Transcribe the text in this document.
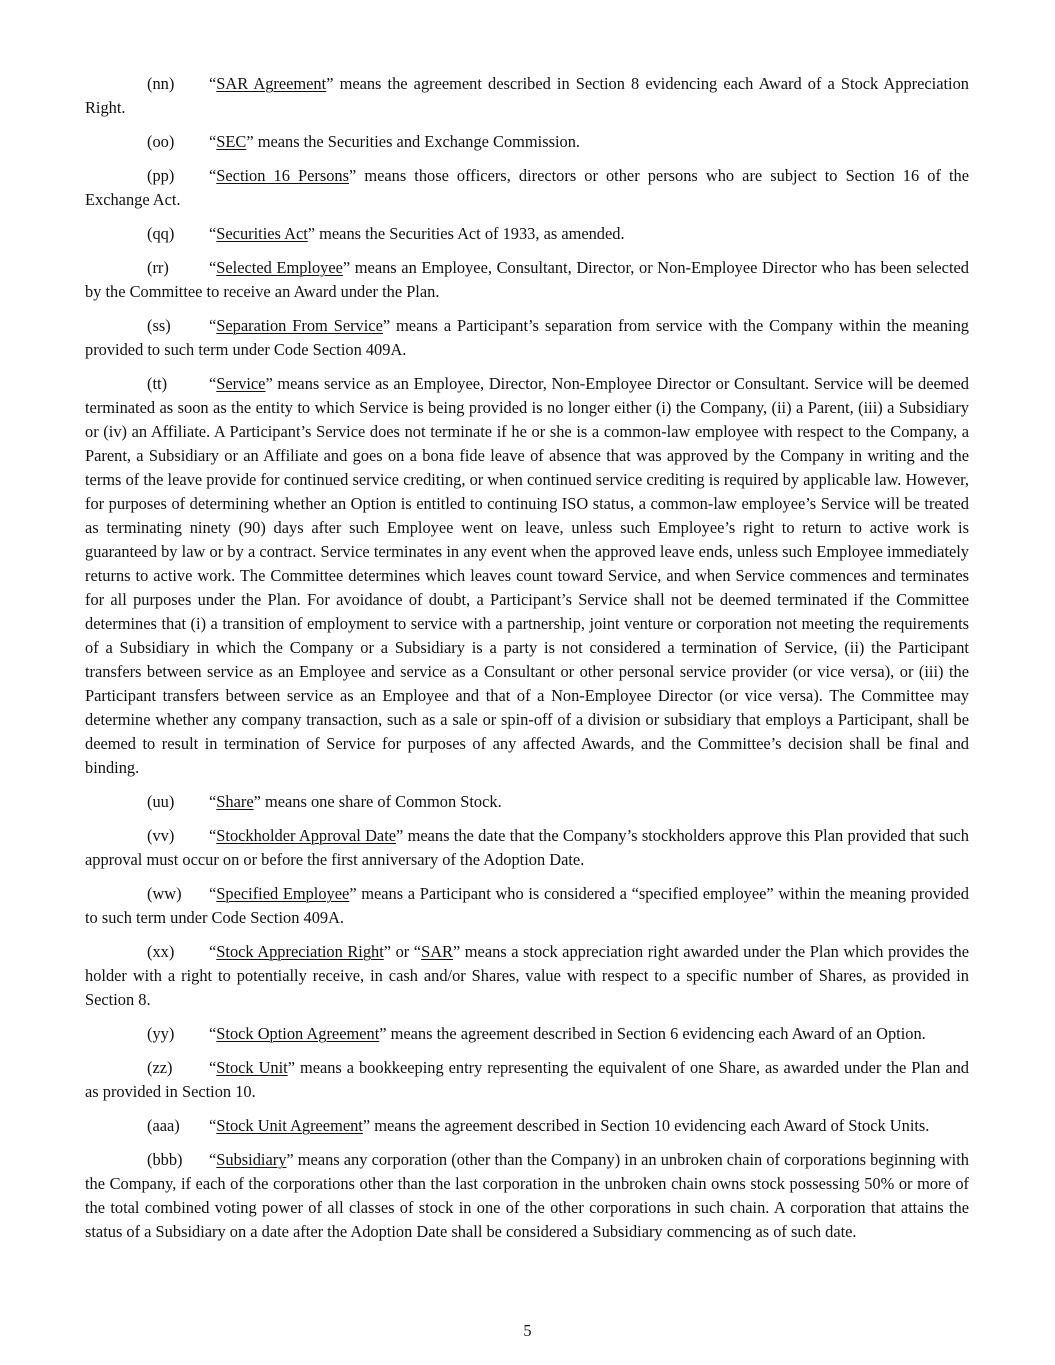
(nn) “SAR Agreement” means the agreement described in Section 8 evidencing each Award of a Stock Appreciation Right.

(oo) “SEC” means the Securities and Exchange Commission.

(pp) “Section 16 Persons” means those officers, directors or other persons who are subject to Section 16 of the Exchange Act.

(qq) “Securities Act” means the Securities Act of 1933, as amended.

(rr) “Selected Employee” means an Employee, Consultant, Director, or Non-Employee Director who has been selected by the Committee to receive an Award under the Plan.

(ss) “Separation From Service” means a Participant’s separation from service with the Company within the meaning provided to such term under Code Section 409A.

(tt)	“Service” means service as an Employee, Director, Non-Employee Director or Consultant. Service will be deemed terminated as soon as the entity to which Service is being provided is no longer either (i) the Company, (ii) a Parent, (iii) a Subsidiary or (iv) an Affiliate. A Participant’s Service does not terminate if he or she is a common-law employee with respect to the Company, a Parent, a Subsidiary or an Affiliate and goes on a bona fide leave of absence that was approved by the Company in writing and the terms of the leave provide for continued service crediting, or when continued service crediting is required by applicable law. However, for purposes of determining whether an Option is entitled to continuing ISO status, a common-law employee’s Service will be treated as terminating ninety (90) days after such Employee went on leave, unless such Employee’s right to return to active work is guaranteed by law or by a contract. Service terminates in any event when the approved leave ends, unless such Employee immediately returns to active work. The Committee determines which leaves count toward Service, and when Service commences and terminates for all purposes under the Plan. For avoidance of doubt, a Participant’s Service shall not be deemed terminated if the Committee determines that (i) a transition of employment to service with a partnership, joint venture or corporation not meeting the requirements of a Subsidiary in which the Company or a Subsidiary is a party is not considered a termination of Service, (ii) the Participant transfers between service as an Employee and service as a Consultant or other personal service provider (or vice versa), or (iii) the Participant transfers between service as an Employee and that of a Non-Employee Director (or vice versa). The Committee may determine whether any company transaction, such as a sale or spin-off of a division or subsidiary that employs a Participant, shall be deemed to result in termination of Service for purposes of any affected Awards, and the Committee’s decision shall be final and binding.

(uu) “Share” means one share of Common Stock.

(vv) “Stockholder Approval Date” means the date that the Company’s stockholders approve this Plan provided that such approval must occur on or before the first anniversary of the Adoption Date.

(ww) “Specified Employee” means a Participant who is considered a “specified employee” within the meaning provided to such term under Code Section 409A.

(xx) “Stock Appreciation Right” or “SAR” means a stock appreciation right awarded under the Plan which provides the holder with a right to potentially receive, in cash and/or Shares, value with respect to a specific number of Shares, as provided in Section 8.

(yy) “Stock Option Agreement” means the agreement described in Section 6 evidencing each Award of an Option.

(zz) “Stock Unit” means a bookkeeping entry representing the equivalent of one Share, as awarded under the Plan and as provided in Section 10.

(aaa) “Stock Unit Agreement” means the agreement described in Section 10 evidencing each Award of Stock Units.

(bbb) “Subsidiary” means any corporation (other than the Company) in an unbroken chain of corporations beginning with the Company, if each of the corporations other than the last corporation in the unbroken chain owns stock possessing 50% or more of the total combined voting power of all classes of stock in one of the other corporations in such chain. A corporation that attains the status of a Subsidiary on a date after the Adoption Date shall be considered a Subsidiary commencing as of such date.

5
